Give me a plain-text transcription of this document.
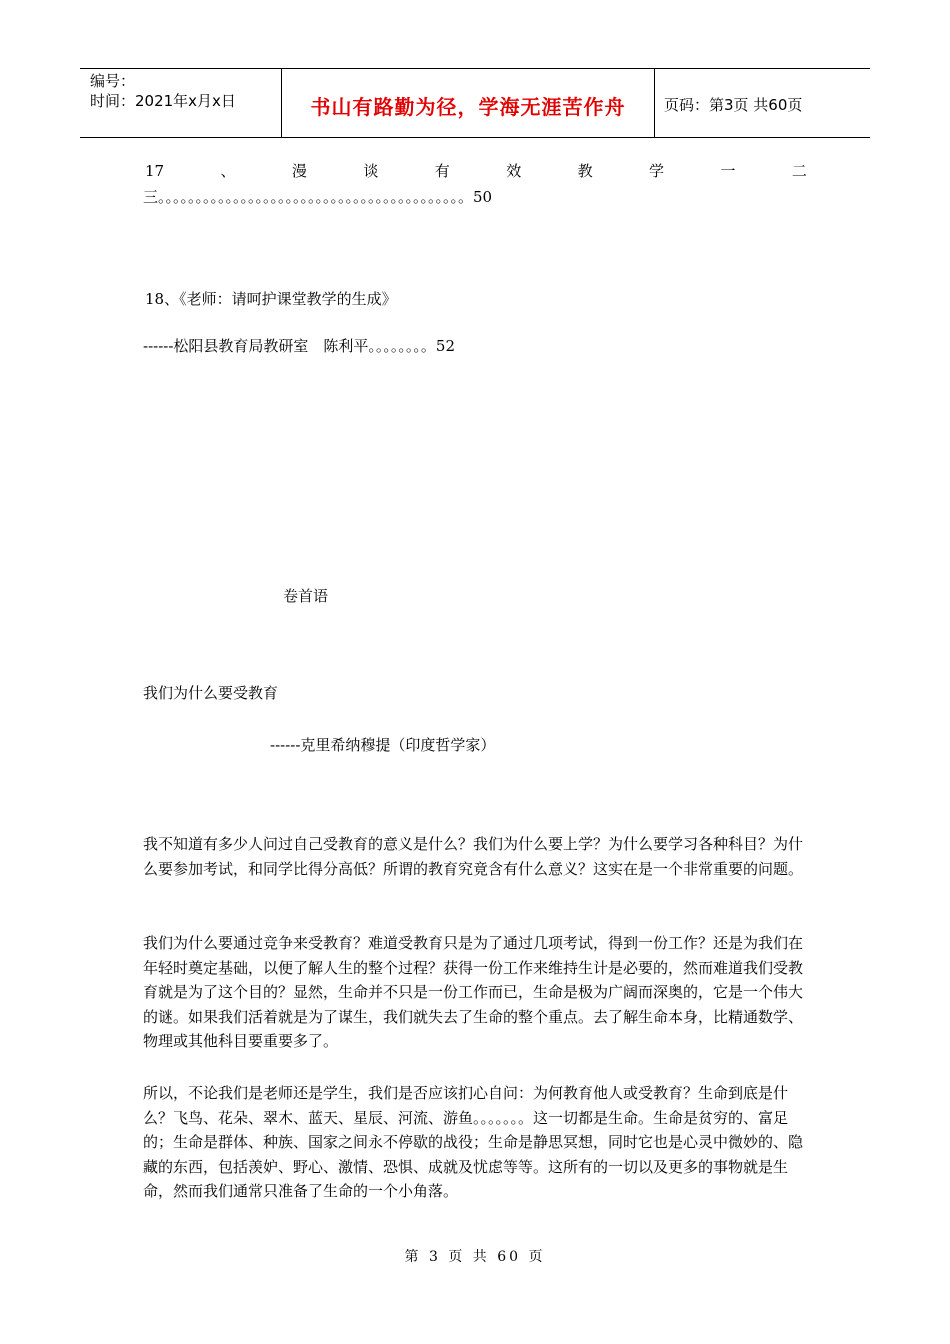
编号：
时间：2021年x月x日	书山有路勤为径，学海无涯苦作舟	页码：第3页 共60页
17	、	漫	谈	有	效	教	学	一	二
三。。。。。。。。。。。。。。。。。。。。。。。。。。。。。。。。。。。。。。。。。50
18、《老师：请呵护课堂教学的生成》
------松阳县教育局教研室　陈利平。。。。。。。。52
卷首语
我们为什么要受教育
------克里希纳穆提（印度哲学家）
我不知道有多少人问过自己受教育的意义是什么？我们为什么要上学？为什么要学习各种科目？为什么要参加考试，和同学比得分高低？所谓的教育究竟含有什么意义？这实在是一个非常重要的问题。
我们为什么要通过竞争来受教育？难道受教育只是为了通过几项考试，得到一份工作？还是为我们在年轻时奠定基础，以便了解人生的整个过程？获得一份工作来维持生计是必要的，然而难道我们受教育就是为了这个目的？显然，生命并不只是一份工作而已，生命是极为广阔而深奥的，它是一个伟大的谜。如果我们活着就是为了谋生，我们就失去了生命的整个重点。去了解生命本身，比精通数学、物理或其他科目要重要多了。
所以，不论我们是老师还是学生，我们是否应该扪心自问：为何教育他人或受教育？生命到底是什么？飞鸟、花朵、翠木、蓝天、星辰、河流、游鱼。。。。。。。这一切都是生命。生命是贫穷的、富足的；生命是群体、种族、国家之间永不停歇的战役；生命是静思冥想，同时它也是心灵中微妙的、隐藏的东西，包括羡妒、野心、激情、恐惧、成就及忧虑等等。这所有的一切以及更多的事物就是生命，然而我们通常只准备了生命的一个小角落。
第 3 页 共 60 页
